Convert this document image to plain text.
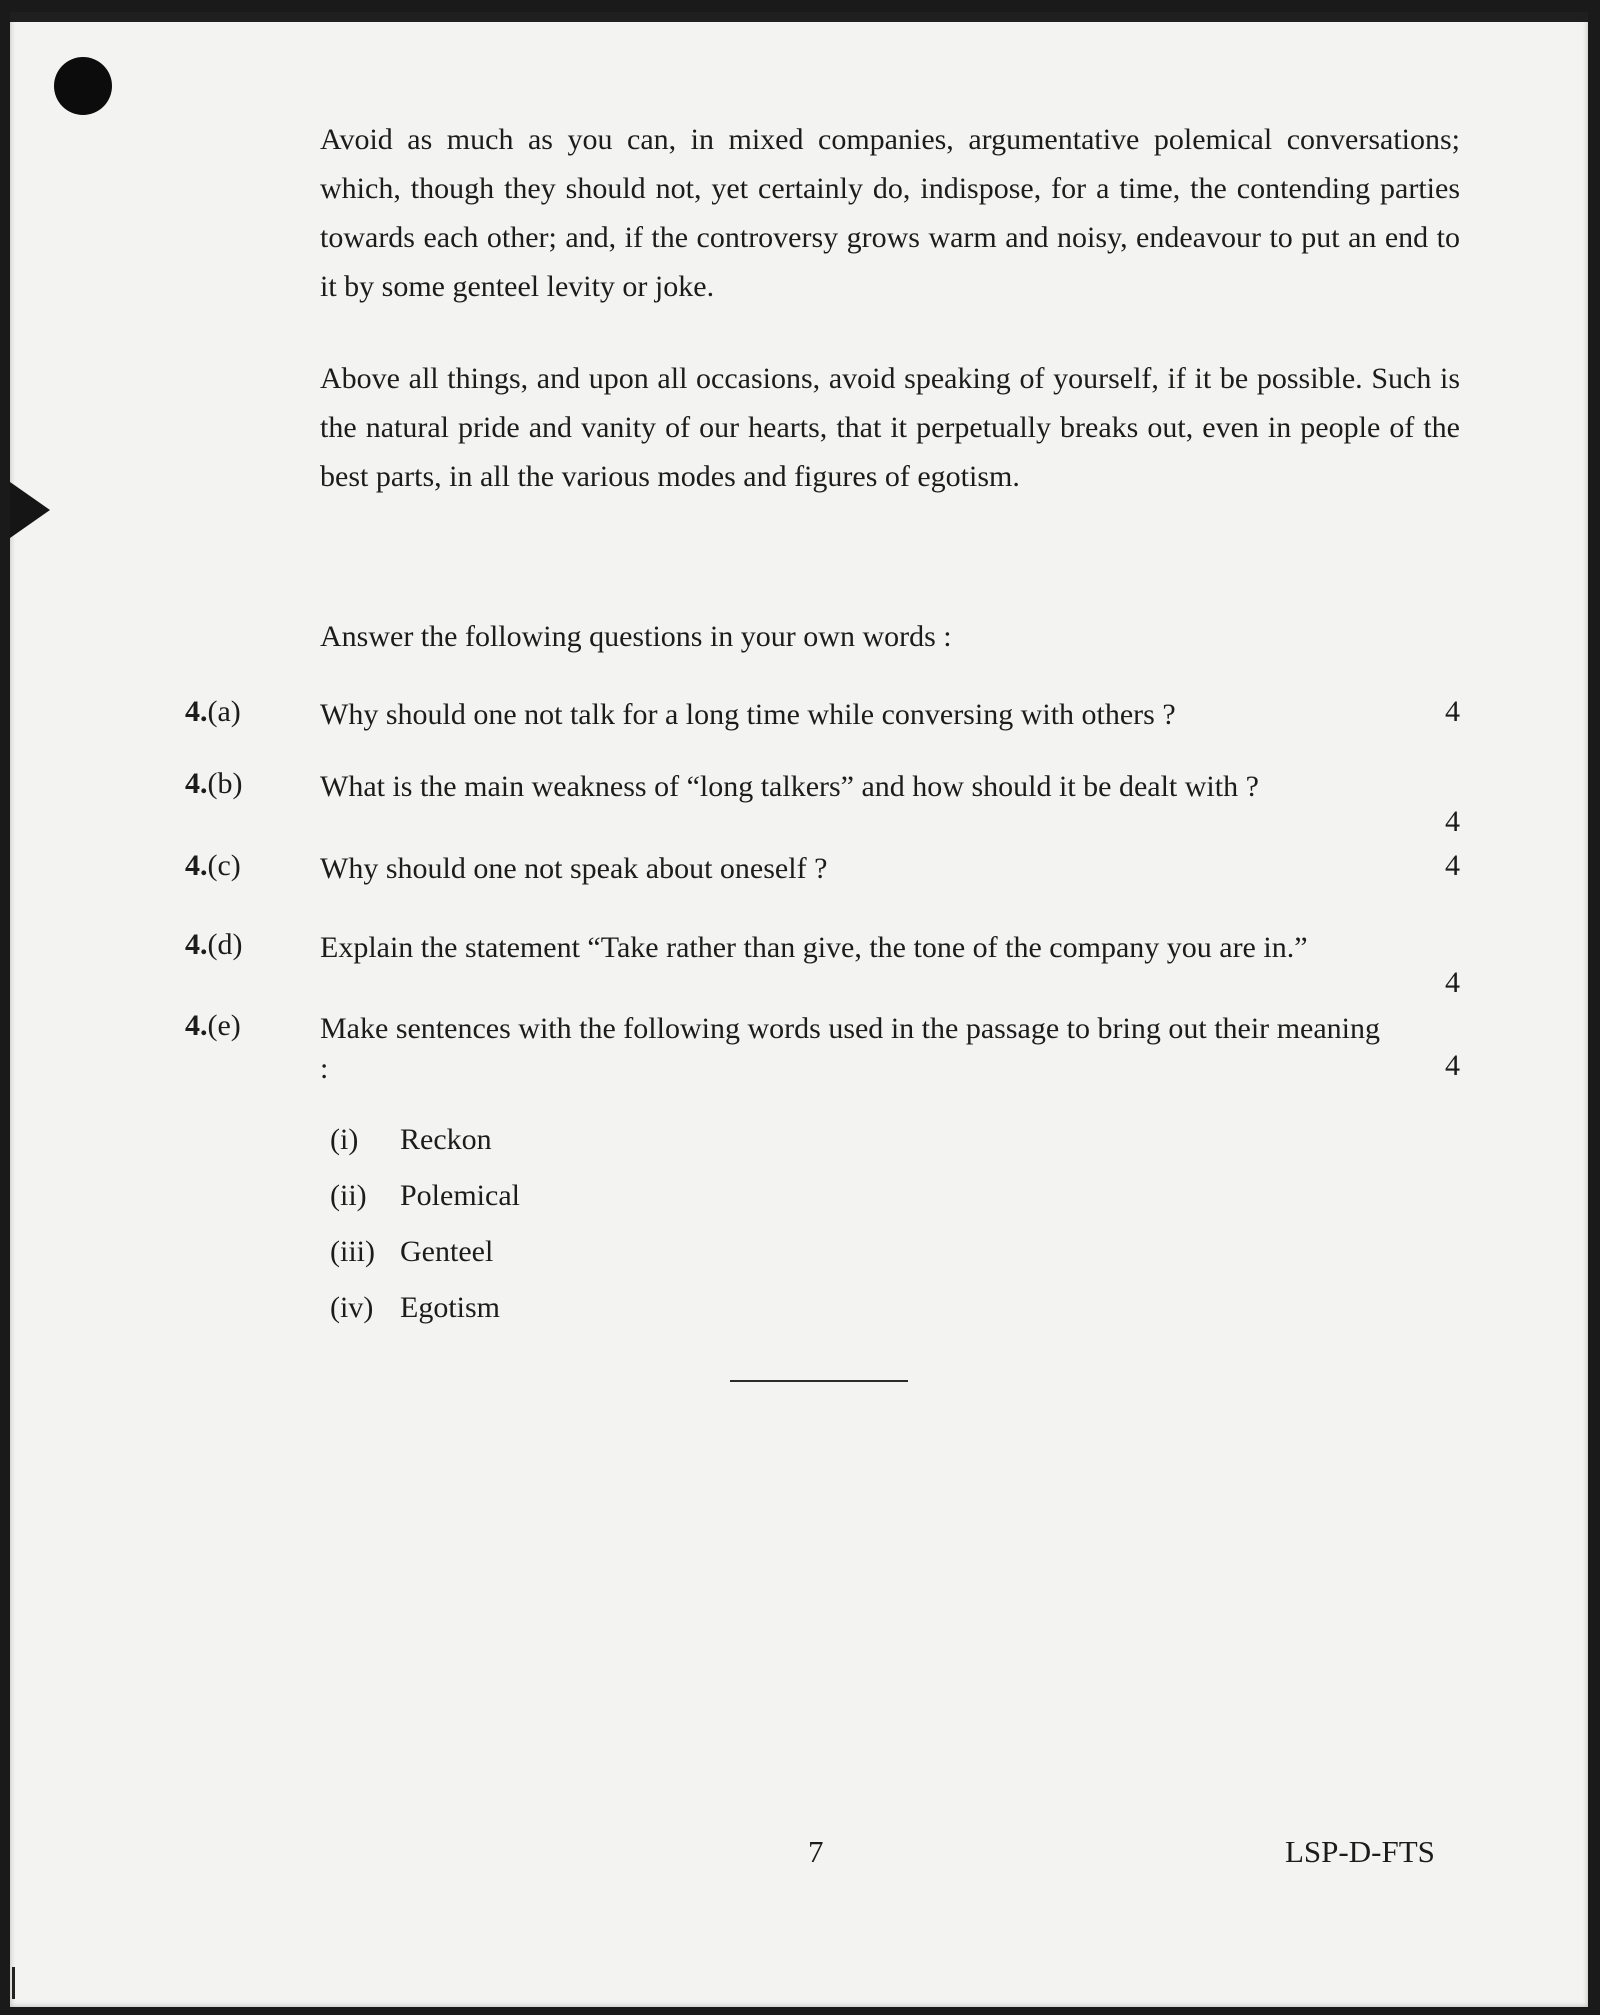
Avoid as much as you can, in mixed companies, argumentative polemical conversations; which, though they should not, yet certainly do, indispose, for a time, the contending parties towards each other; and, if the controversy grows warm and noisy, endeavour to put an end to it by some genteel levity or joke.

Above all things, and upon all occasions, avoid speaking of yourself, if it be possible. Such is the natural pride and vanity of our hearts, that it perpetually breaks out, even in people of the best parts, in all the various modes and figures of egotism.

Answer the following questions in your own words :

4.(a)	Why should one not talk for a long time while conversing with others ?	4
4.(b)	What is the main weakness of “long talkers” and how should it be dealt with ?
4
4.(c)	Why should one not speak about oneself ?	4
4.(d)	Explain the statement “Take rather than give, the tone of the company you are in.”
4
4.(e)	Make sentences with the following words used in the passage to bring out their meaning :	4
(i)	Reckon
(ii)	Polemical
(iii) Genteel
(iv) Egotism
7	LSP-D-FTS
